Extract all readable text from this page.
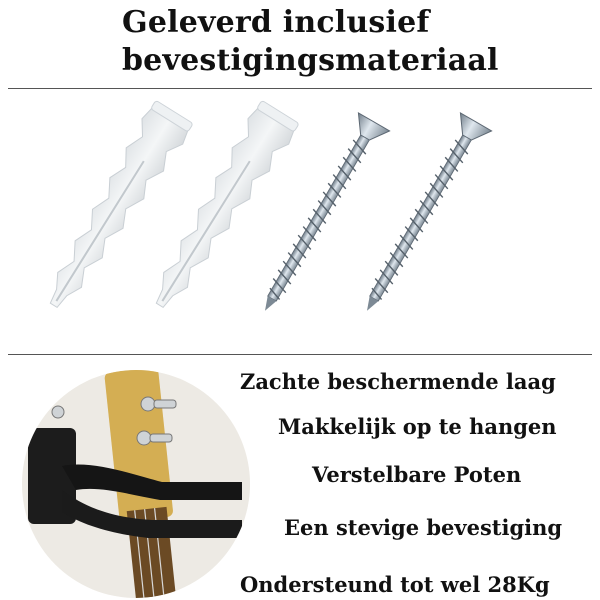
Geleverd inclusief
bevestigingsmateriaal
Zachte beschermende laag
Makkelijk op te hangen
Verstelbare Poten
Een stevige bevestiging
Ondersteund tot wel 28Kg
